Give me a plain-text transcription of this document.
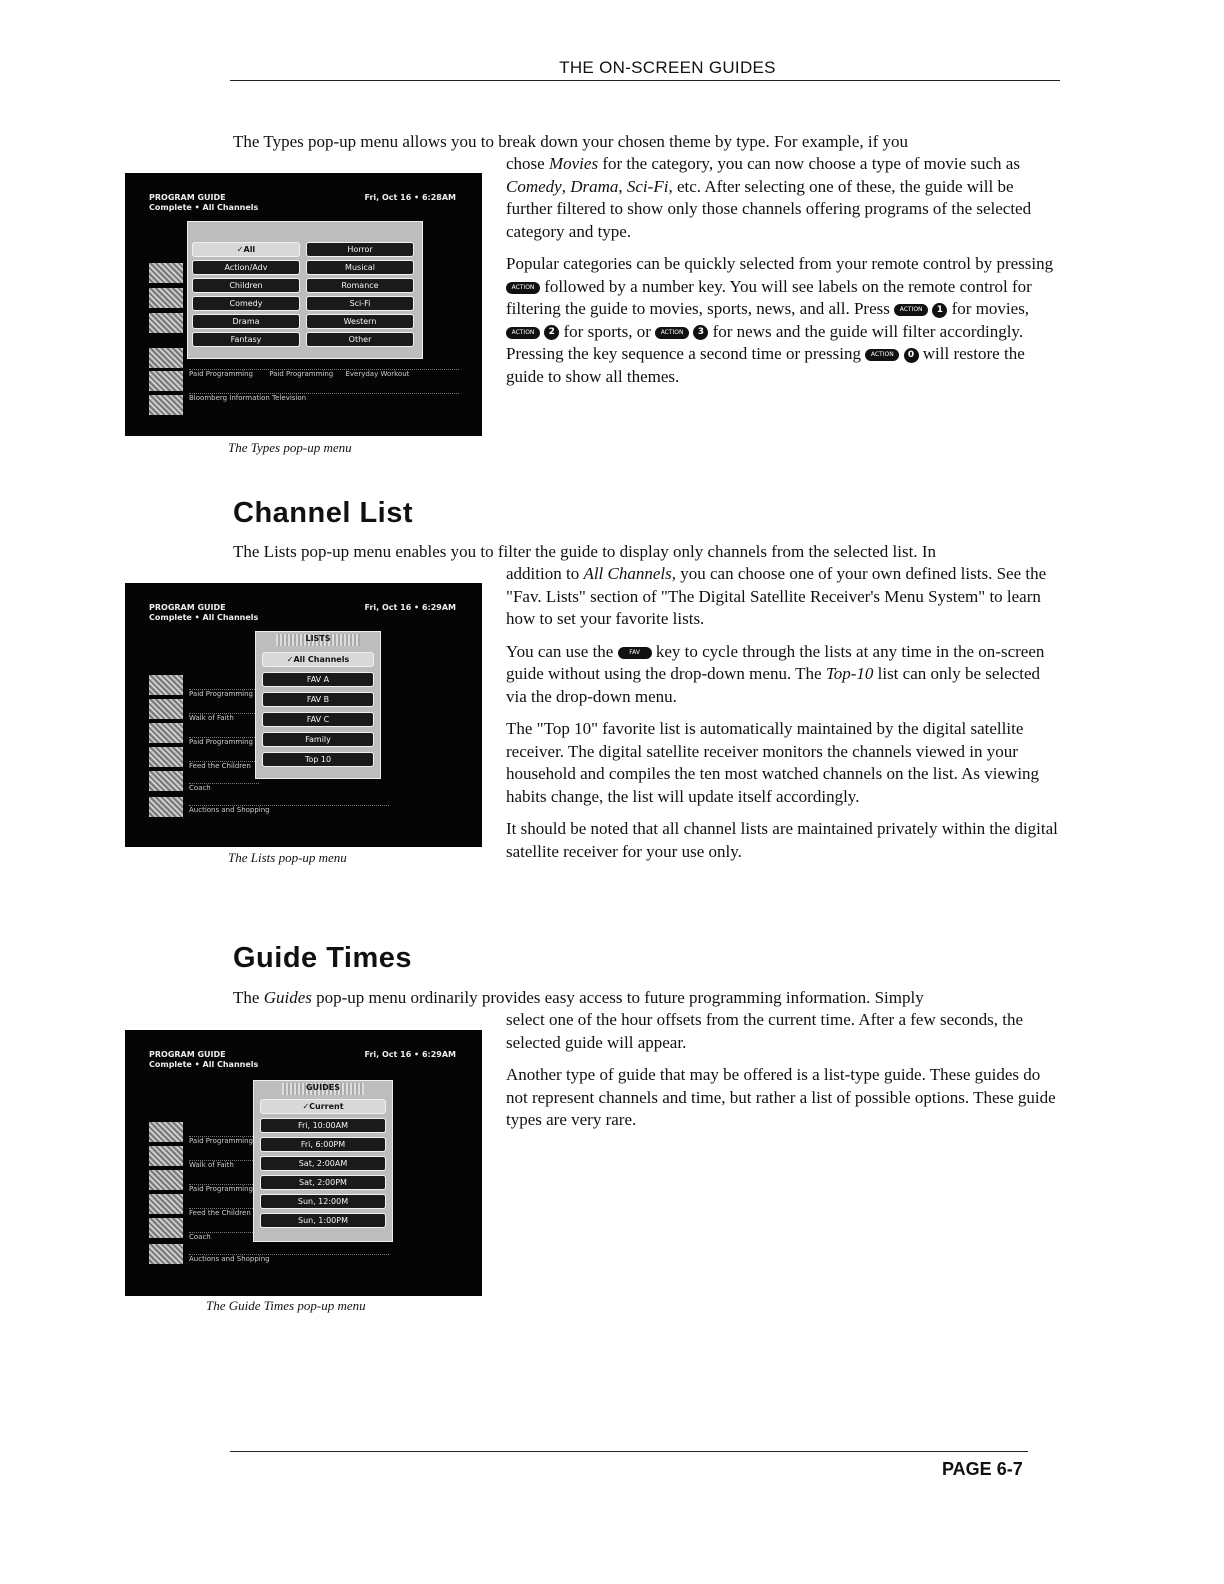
THE ON-SCREEN GUIDES
The Types pop-up menu allows you to break down your chosen theme by type. For example, if you
PROGRAM GUIDE
Complete • All Channels
Fri, Oct 16 • 6:28AM
Paid Programming Paid Programming Everyday Workout
Bloomberg Information Television
✓All
Action/Adv
Children
Comedy
Drama
Fantasy
Horror
Musical
Romance
Sci-Fi
Western
Other
The Types pop-up menu

chose Movies for the category, you can now choose a type of movie such as Comedy, Drama, Sci-Fi, etc. After selecting one of these, the guide will be further filtered to show only those channels offering programs of the selected category and type.

Popular categories can be quickly selected from your remote control by pressing ACTION followed by a number key. You will see labels on the remote control for filtering the guide to movies, sports, news, and all. Press ACTION 1 for movies, ACTION 2 for sports, or ACTION 3 for news and the guide will filter accordingly. Pressing the key sequence a second time or pressing ACTION 0 will restore the guide to show all themes.

Channel List
The Lists pop-up menu enables you to filter the guide to display only channels from the selected list. In
PROGRAM GUIDE
Complete • All Channels
Fri, Oct 16 • 6:29AM
Paid Programming
Walk of Faith
Paid Programming
Feed the Children
Coach
Auctions and Shopping
LISTS
✓All Channels
FAV A
FAV B
FAV C
Family
Top 10
The Lists pop-up menu

addition to All Channels, you can choose one of your own defined lists. See the "Fav. Lists" section of "The Digital Satellite Receiver's Menu System" to learn how to set your favorite lists.

You can use the FAV key to cycle through the lists at any time in the on-screen guide without using the drop-down menu. The Top-10 list can only be selected via the drop-down menu.

The "Top 10" favorite list is automatically maintained by the digital satellite receiver. The digital satellite receiver monitors the channels viewed in your household and compiles the ten most watched channels on the list. As viewing habits change, the list will update itself accordingly.

It should be noted that all channel lists are maintained privately within the digital satellite receiver for your use only.

Guide Times
The Guides pop-up menu ordinarily provides easy access to future programming information. Simply
PROGRAM GUIDE
Complete • All Channels
Fri, Oct 16 • 6:29AM
Paid Programming
Walk of Faith
Paid Programming
Feed the Children
Coach
Auctions and Shopping
GUIDES
✓Current
Fri, 10:00AM
Fri, 6:00PM
Sat, 2:00AM
Sat, 2:00PM
Sun, 12:00M
Sun, 1:00PM
The Guide Times pop-up menu

select one of the hour offsets from the current time. After a few seconds, the selected guide will appear.

Another type of guide that may be offered is a list-type guide. These guides do not represent channels and time, but rather a list of possible options. These guide types are very rare.

PAGE 6-7
